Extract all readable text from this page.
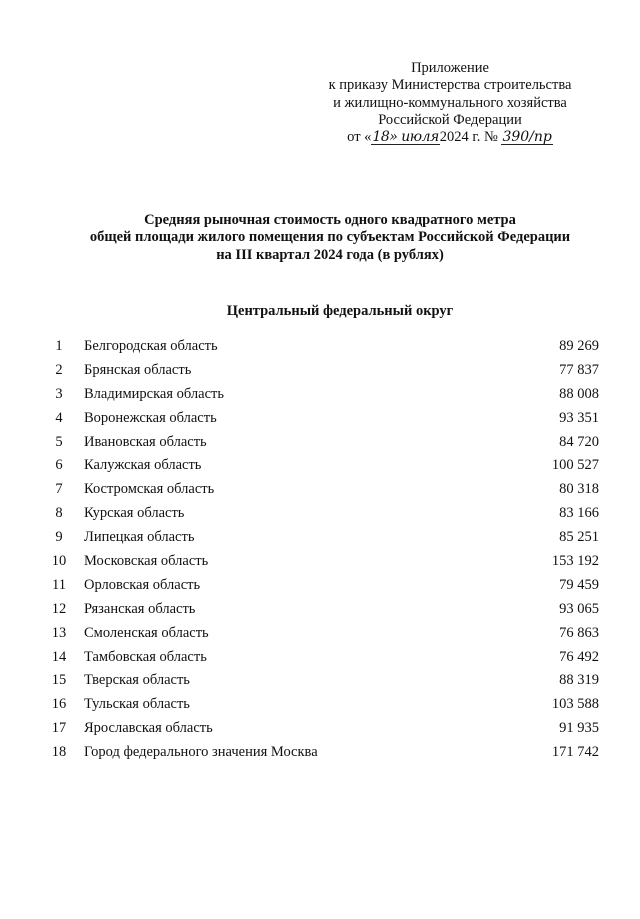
Приложение
к приказу Министерства строительства
и жилищно-коммунального хозяйства
Российской Федерации
от «18» июля2024 г. № 390/пр
Средняя рыночная стоимость одного квадратного метра
общей площади жилого помещения по субъектам Российской Федерации
на III квартал 2024 года (в рублях)
Центральный федеральный округ
1	Белгородская область	89 269
2	Брянская область	77 837
3	Владимирская область	88 008
4	Воронежская область	93 351
5	Ивановская область	84 720
6	Калужская область	100 527
7	Костромская область	80 318
8	Курская область	83 166
9	Липецкая область	85 251
10 Московская область	153 192
11 Орловская область	79 459
12 Рязанская область	93 065
13 Смоленская область	76 863
14 Тамбовская область	76 492
15 Тверская область	88 319
16 Тульская область	103 588
17 Ярославская область	91 935
18 Город федерального значения Москва	171 742
